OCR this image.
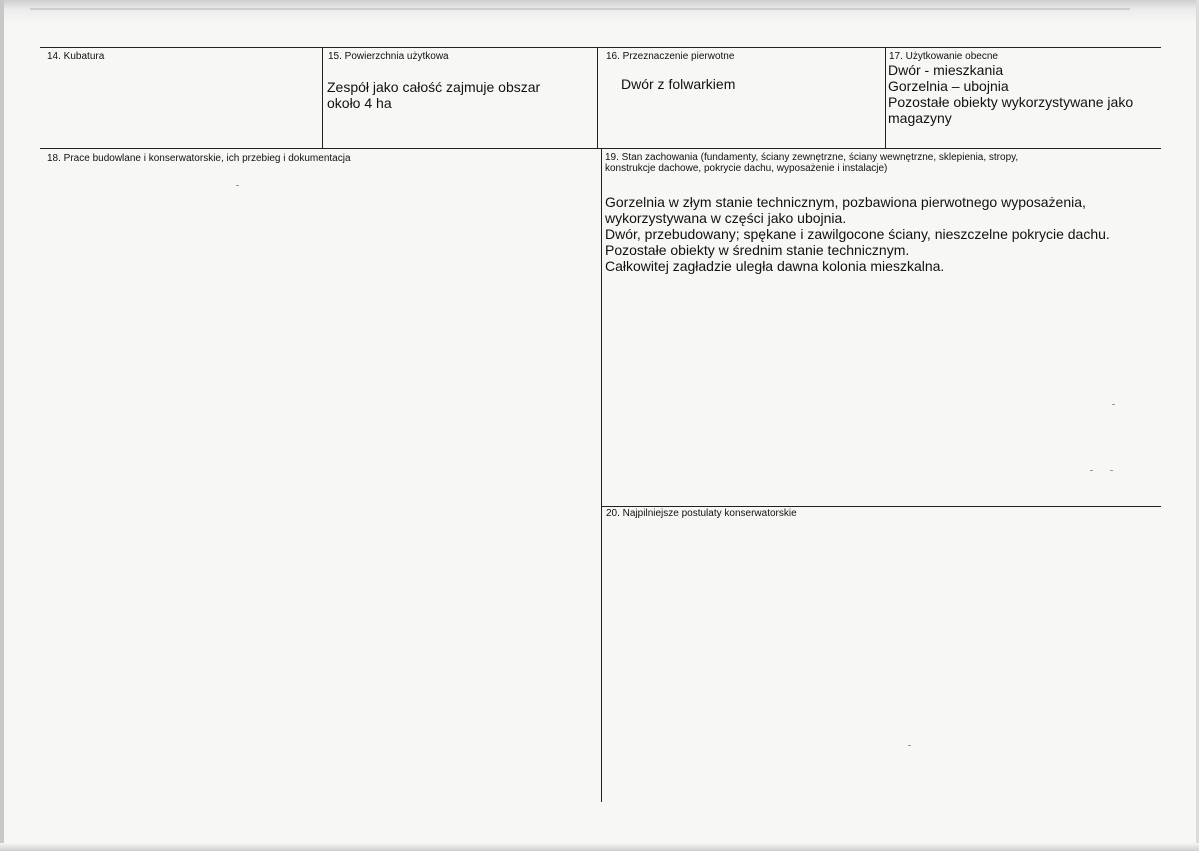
14. Kubatura	15. Powierzchnia użytkowa
Zespół jako całość zajmuje obszar
około 4 ha
16. Przeznaczenie pierwotne
Dwór z folwarkiem
17. Użytkowanie obecne
Dwór - mieszkania
Gorzelnia – ubojnia
Pozostałe obiekty wykorzystywane jako
magazyny
18. Prace budowlane i konserwatorskie, ich przebieg i dokumentacja	19. Stan zachowania (fundamenty, ściany zewnętrzne, ściany wewnętrzne, sklepienia, stropy,
konstrukcje dachowe, pokrycie dachu, wyposażenie i instalacje)
Gorzelnia w złym stanie technicznym, pozbawiona pierwotnego wyposażenia,
wykorzystywana w części jako ubojnia.
Dwór, przebudowany; spękane i zawilgocone ściany, nieszczelne pokrycie dachu.
Pozostałe obiekty w średnim stanie technicznym.
Całkowitej zagładzie uległa dawna kolonia mieszkalna.
20. Najpilniejsze postulaty konserwatorskie
